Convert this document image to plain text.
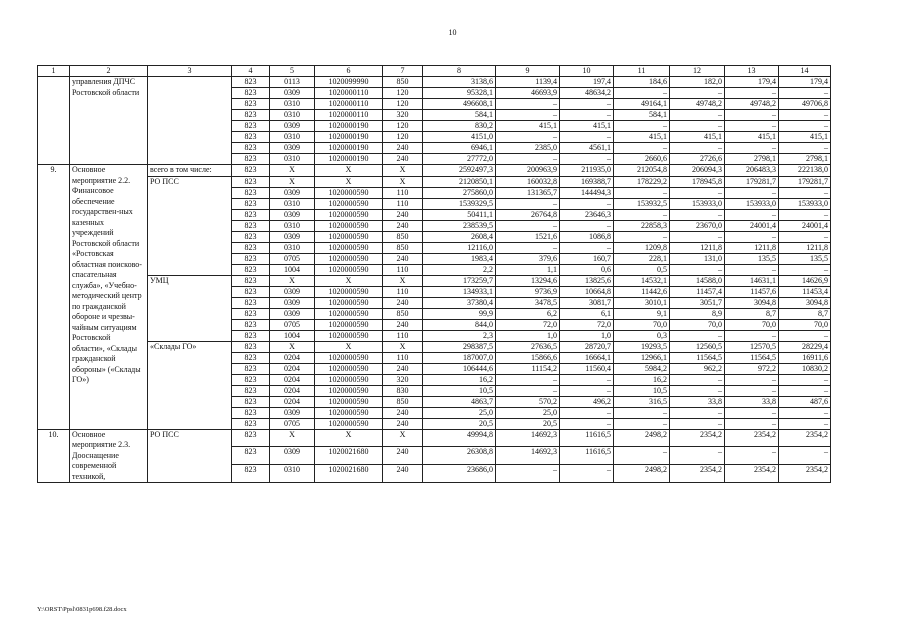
10
1	2	3	4	5	6	7	8	9	10	11	12	13	14
	управления ДПЧС Ростовской области		823	0113	1020099990	850	3138,6	1139,4	197,4	184,6	182,0	179,4	179,4
			823	0309	1020000110	120	95328,1	46693,9	48634,2	–	–	–	–
			823	0310	1020000110	120	496608,1	–	–	49164,1	49748,2	49748,2	49706,8
			823	0310	1020000110	320	584,1	–	–	584,1	–	–	–
			823	0309	1020000190	120	830,2	415,1	415,1	–	–	–	–
			823	0310	1020000190	120	4151,0	–	–	415,1	415,1	415,1	415,1
			823	0309	1020000190	240	6946,1	2385,0	4561,1	–	–	–	–
			823	0310	1020000190	240	27772,0	–	–	2660,6	2726,6	2798,1	2798,1
9.	Основное мероприятие 2.2. Финансовое обеспечение государствен-ных казенных учреждений Ростовской области «Ростовская областная поисково-спасательная служба», «Учебно-методический центр по гражданской обороне и чрезвы-чайным ситуациям Ростовской области», «Склады гражданской обороны» («Склады ГО»)	всего в том числе:	823	X	X	X	2592497,3	200963,9	211935,0	212054,8	206094,3	206483,3	222138,0
		РО ПСС	823	X	X	X	2120850,1	160032,8	169388,7	178229,2	178945,8	179281,7	179281,7
			823	0309	1020000590	110	275860,0	131365,7	144494,3	–	–	–	–
			823	0310	1020000590	110	1539329,5	–	–	153932,5	153933,0	153933,0	153933,0
			823	0309	1020000590	240	50411,1	26764,8	23646,3	–	–	–	–
			823	0310	1020000590	240	238539,5	–	–	22858,3	23670,0	24001,4	24001,4
			823	0309	1020000590	850	2608,4	1521,6	1086,8	–	–	–	–
			823	0310	1020000590	850	12116,0	–	–	1209,8	1211,8	1211,8	1211,8
			823	0705	1020000590	240	1983,4	379,6	160,7	228,1	131,0	135,5	135,5
			823	1004	1020000590	110	2,2	1,1	0,6	0,5	–	–	–
		УМЦ	823	X	X	X	173259,7	13294,6	13825,6	14532,1	14588,0	14631,1	14626,9
			823	0309	1020000590	110	134933,1	9736,9	10664,8	11442,6	11457,4	11457,6	11453,4
			823	0309	1020000590	240	37380,4	3478,5	3081,7	3010,1	3051,7	3094,8	3094,8
			823	0309	1020000590	850	99,9	6,2	6,1	9,1	8,9	8,7	8,7
			823	0705	1020000590	240	844,0	72,0	72,0	70,0	70,0	70,0	70,0
			823	1004	1020000590	110	2,3	1,0	1,0	0,3	–	–	–
		«Склады ГО»	823	X	X	X	298387,5	27636,5	28720,7	19293,5	12560,5	12570,5	28229,4
			823	0204	1020000590	110	187007,0	15866,6	16664,1	12966,1	11564,5	11564,5	16911,6
			823	0204	1020000590	240	106444,6	11154,2	11560,4	5984,2	962,2	972,2	10830,2
			823	0204	1020000590	320	16,2	–	–	16,2	–	–	–
			823	0204	1020000590	830	10,5	–	–	10,5	–	–	–
			823	0204	1020000590	850	4863,7	570,2	496,2	316,5	33,8	33,8	487,6
			823	0309	1020000590	240	25,0	25,0	–	–	–	–	–
			823	0705	1020000590	240	20,5	20,5	–	–	–	–	–
10.	Основное мероприятие 2.3. Дооснащение современной техникой,	РО ПСС	823	X	X	X	49994,8	14692,3	11616,5	2498,2	2354,2	2354,2	2354,2
			823	0309	1020021680	240	26308,8	14692,3	11616,5	–	–	–	–
			823	0310	1020021680	240	23686,0	–	–	2498,2	2354,2	2354,2	2354,2
Y:\ORST\Ppsl\0831p698.f28.docx
